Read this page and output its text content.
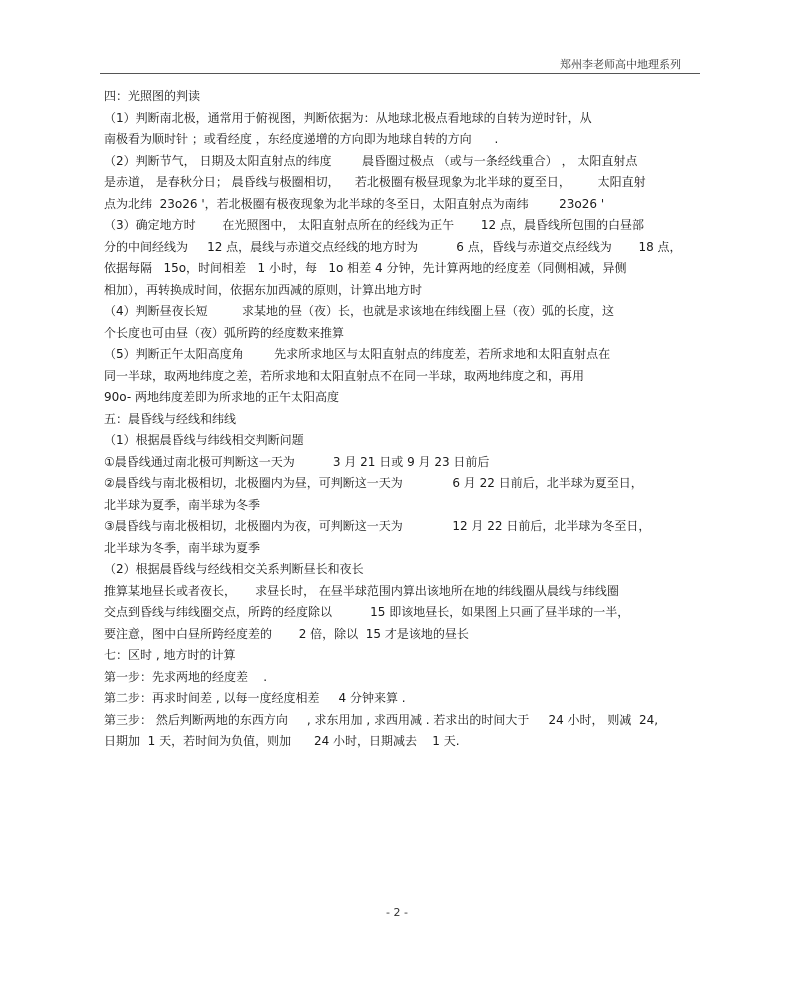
郑州李老师高中地理系列
四：光照图的判读
（1）判断南北极，通常用于俯视图，判断依据为：从地球北极点看地球的自转为逆时针，从
南极看为顺时针 ；或看经度 ，东经度递增的方向即为地球自转的方向      .
（2）判断节气， 日期及太阳直射点的纬度        晨昏圈过极点 （或与一条经线重合） ， 太阳直射点
是赤道， 是春秋分日； 晨昏线与极圈相切，    若北极圈有极昼现象为北半球的夏至日，       太阳直射
点为北纬  23o26 '，若北极圈有极夜现象为北半球的冬至日，太阳直射点为南纬        23o26 '
（3）确定地方时       在光照图中， 太阳直射点所在的经线为正午       12 点，晨昏线所包围的白昼部
分的中间经线为     12 点，晨线与赤道交点经线的地方时为          6 点，昏线与赤道交点经线为       18 点，
依据每隔   15o，时间相差   1 小时，每   1o 相差 4 分钟，先计算两地的经度差（同侧相减，异侧
相加），再转换成时间，依据东加西减的原则，计算出地方时
（4）判断昼夜长短         求某地的昼（夜）长，也就是求该地在纬线圈上昼（夜）弧的长度，这
个长度也可由昼（夜）弧所跨的经度数来推算
（5）判断正午太阳高度角        先求所求地区与太阳直射点的纬度差，若所求地和太阳直射点在
同一半球，取两地纬度之差，若所求地和太阳直射点不在同一半球，取两地纬度之和，再用
90o- 两地纬度差即为所求地的正午太阳高度
五：晨昏线与经线和纬线
（1）根据晨昏线与纬线相交判断问题
①晨昏线通过南北极可判断这一天为          3 月 21 日或 9 月 23 日前后
②晨昏线与南北极相切，北极圈内为昼，可判断这一天为             6 月 22 日前后，北半球为夏至日，
北半球为夏季，南半球为冬季
③晨昏线与南北极相切，北极圈内为夜，可判断这一天为             12 月 22 日前后，北半球为冬至日，
北半球为冬季，南半球为夏季
（2）根据晨昏线与经线相交关系判断昼长和夜长
推算某地昼长或者夜长，     求昼长时， 在昼半球范围内算出该地所在地的纬线圈从晨线与纬线圈
交点到昏线与纬线圈交点，所跨的经度除以          15 即该地昼长，如果图上只画了昼半球的一半，
要注意，图中白昼所跨经度差的       2 倍，除以  15 才是该地的昼长
七：区时 , 地方时的计算
第一步：先求两地的经度差    .
第二步：再求时间差 , 以每一度经度相差     4 分钟来算 .
第三步： 然后判断两地的东西方向     , 求东用加 , 求西用减 . 若求出的时间大于     24 小时， 则减  24,
日期加  1 天，若时间为负值，则加      24 小时，日期减去    1 天.
- 2 -
